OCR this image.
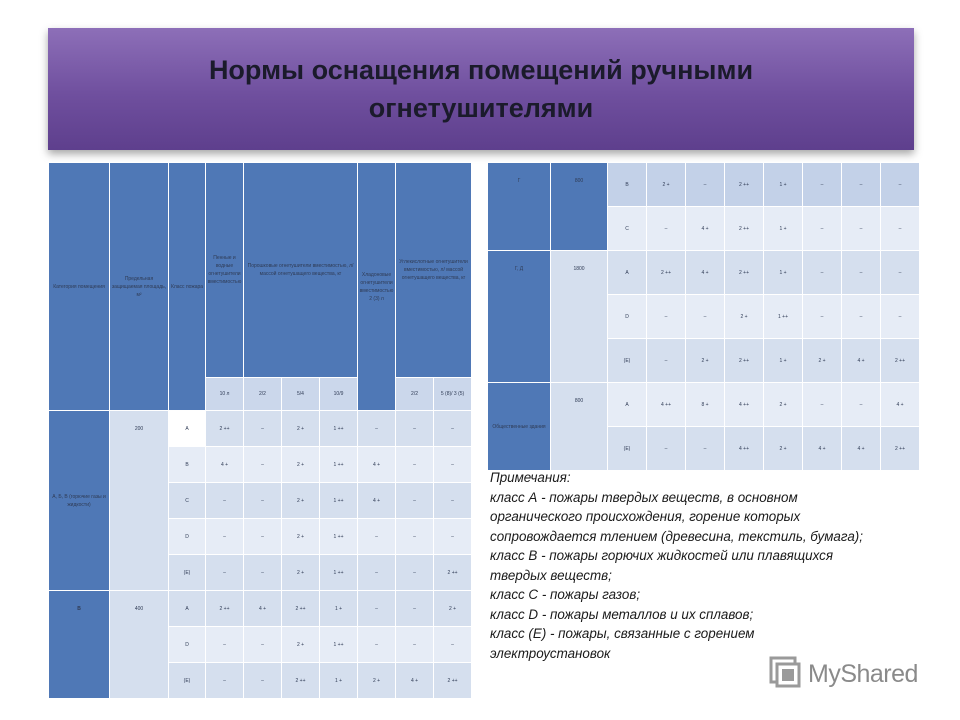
Нормы оснащения помещений ручными огнетушителями
Категория помещения	Предельная защищаемая площадь, м²	Класс пожара	Пенные и водные огнетушители вместимостью	Порошковые огнетушители вместимостью, л/ массой огнетушащего вещества, кг			Хладоновые огнетушители вместимостью 2 (3) л	Углекислотные огнетушители вместимостью, л/ массой огнетушащего вещества, кг	
			10 л	2/2	5/4	10/9		2/2	5 (8)/ 3 (5)
А, Б, В (горючие газы и жидкости)	200	А	2 ++	–	2 +	1 ++	–	–	–
		В	4 +	–	2 +	1 ++	4 +	–	–
		С	–	–	2 +	1 ++	4 +	–	–
		D	–	–	2 +	1 ++	–	–	–
		(E)	–	–	2 +	1 ++	–	–	2 ++
В	400	А	2 ++	4 +	2 ++	1 +	–	–	2 +
		D	–	–	2 +	1 ++	–	–	–
		(E)	–	–	2 ++	1 +	2 +	4 +	2 ++
Г	800	В	2 +	–	2 ++	1 +	–	–	–
		С	–	4 +	2 ++	1 +	–	–	–
Г, Д	1800	А	2 ++	4 +	2 ++	1 +	–	–	–
		D	–	–	2 +	1 ++	–	–	–
		(E)	–	2 +	2 ++	1 +	2 +	4 +	2 ++
Общественные здания	800	А	4 ++	8 +	4 ++	2 +	–	–	4 +
		(E)	–	–	4 ++	2 +	4 +	4 +	2 ++
Примечания:
класс А - пожары твердых веществ, в основном
органического происхождения, горение которых
сопровождается тлением (древесина, текстиль, бумага);
класс В - пожары горючих жидкостей или плавящихся
твердых веществ;
класс С - пожары газов;
класс D - пожары металлов и их сплавов;
класс (Е) - пожары, связанные с горением
электроустановок
MyShared
